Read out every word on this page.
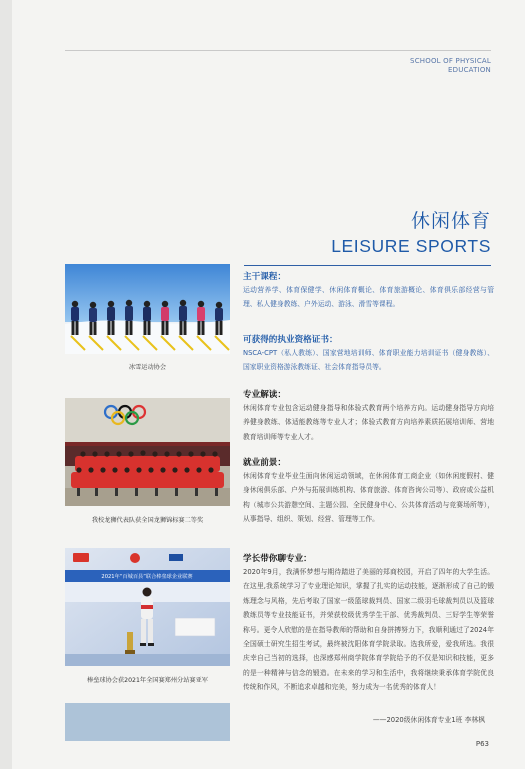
SCHOOL OF PHYSICAL
EDUCATION
休闲体育
LEISURE SPORTS
冰雪运动协会
我校龙狮代表队获全国龙狮锦标赛二等奖
2021年“百城百县”联合棒垒球企业联赛
棒垒球协会获2021年全国赛郑州分站赛亚军

主干课程：

运动营养学、体育保健学、休闲体育概论、体育旅游概论、体育俱乐部经营与管理、私人健身教练、户外运动、游泳、滑雪等课程。

可获得的执业资格证书：

NSCA-CPT（私人教练）、国家营地培训师、体育职业能力培训证书（健身教练）、国家职业资格游泳教练证、社会体育指导员等。

专业解读：

休闲体育专业包含运动健身指导和体验式教育两个培养方向。运动健身指导方向培养健身教练、体适能教练等专业人才；体验式教育方向培养素质拓展培训师、营地教育培训师等专业人才。

就业前景：

休闲体育专业毕业生面向休闲运动领域，在休闲体育工商企业（如休闲度假村、健身休闲俱乐部、户外与拓展训练机构、体育旅游、体育咨询公司等）、政府或公益机构（城市公共游憩空间、主题公园、全民健身中心、公共体育活动与竞赛场所等），从事指导、组织、策划、经营、管理等工作。

学长带你聊专业：

2020年9月，我满怀梦想与期待踏进了美丽的郑商校园，开启了四年的大学生活。在这里,我系统学习了专业理论知识，掌握了扎实的运动技能，逐渐形成了自己的锻炼理念与风格，先后考取了国家一级篮球裁判员、国家二级羽毛球裁判员以及篮球教练员等专业技能证书，并荣获校级优秀学生干部、优秀裁判员、三好学生等荣誉称号。更令人欣慰的是在指导教师的帮助和自身拼搏努力下，我顺利通过了2024年全国硕士研究生招生考试，最终被沈阳体育学院录取。选我所爱，爱我所选。我很庆幸自己当初的选择，也深感郑州商学院体育学院给予的不仅是知识和技能，更多的是一种精神与信念的锻造。在未来的学习和生活中，我将继续秉承体育学院优良传统和作风，不断追求卓越和完美，努力成为一名优秀的体育人！

——2020级休闲体育专业1班 李林枫
P63
